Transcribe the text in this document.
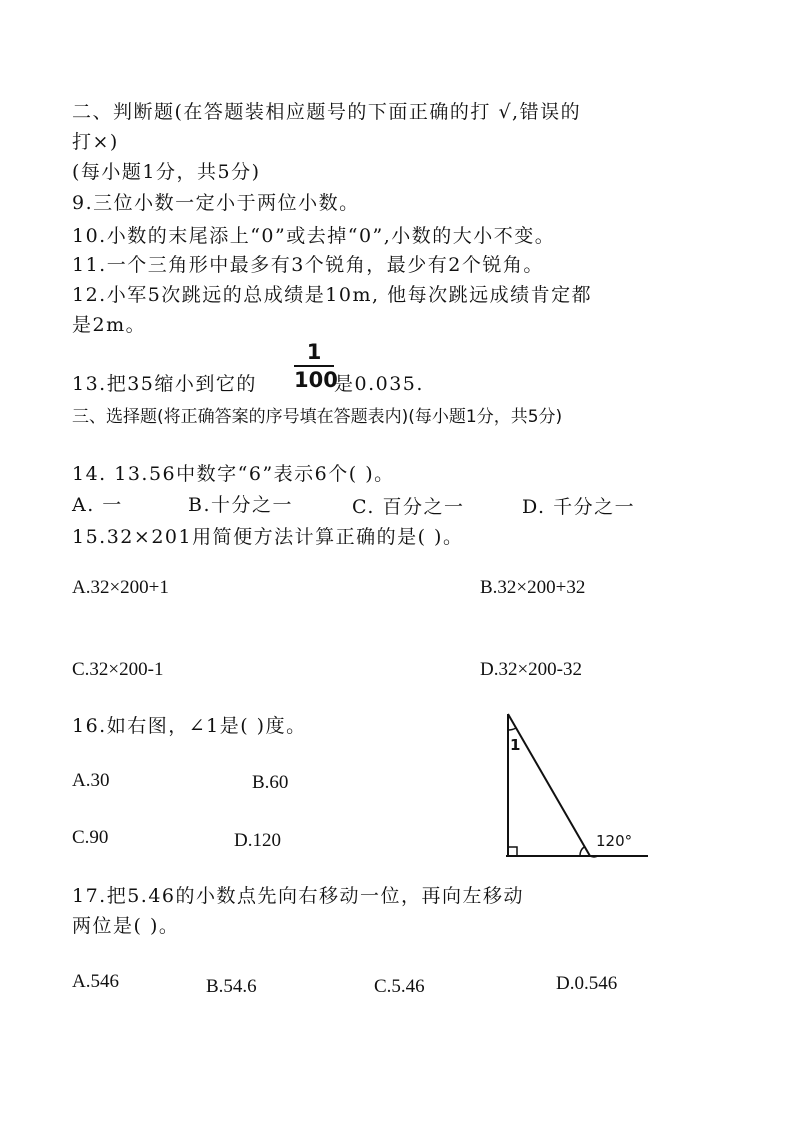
二、判断题(在答题装相应题号的下面正确的打 √,错误的
打×)
(每小题1分，共5分)
9.三位小数一定小于两位小数。
10.小数的末尾添上“0”或去掉“0”,小数的大小不变。
11.一个三角形中最多有3个锐角，最少有2个锐角。
12.小军5次跳远的总成绩是10m, 他每次跳远成绩肯定都
是2m。
13.把35缩小到它的
1
100
是0.035.
三、选择题(将正确答案的序号填在答题表内)(每小题1分，共5分)
14. 13.56中数字“6”表示6个( )。
A. 一	B.十分之一	C. 百分之一	D. 千分之一
15.32×201用简便方法计算正确的是( )。
A.32×200+1	B.32×200+32
C.32×200-1	D.32×200-32
16.如右图，∠1是( )度。
A.30	B.60
C.90	D.120
1
120°
17.把5.46的小数点先向右移动一位，再向左移动
两位是( )。
A.546	B.54.6	C.5.46	D.0.546
